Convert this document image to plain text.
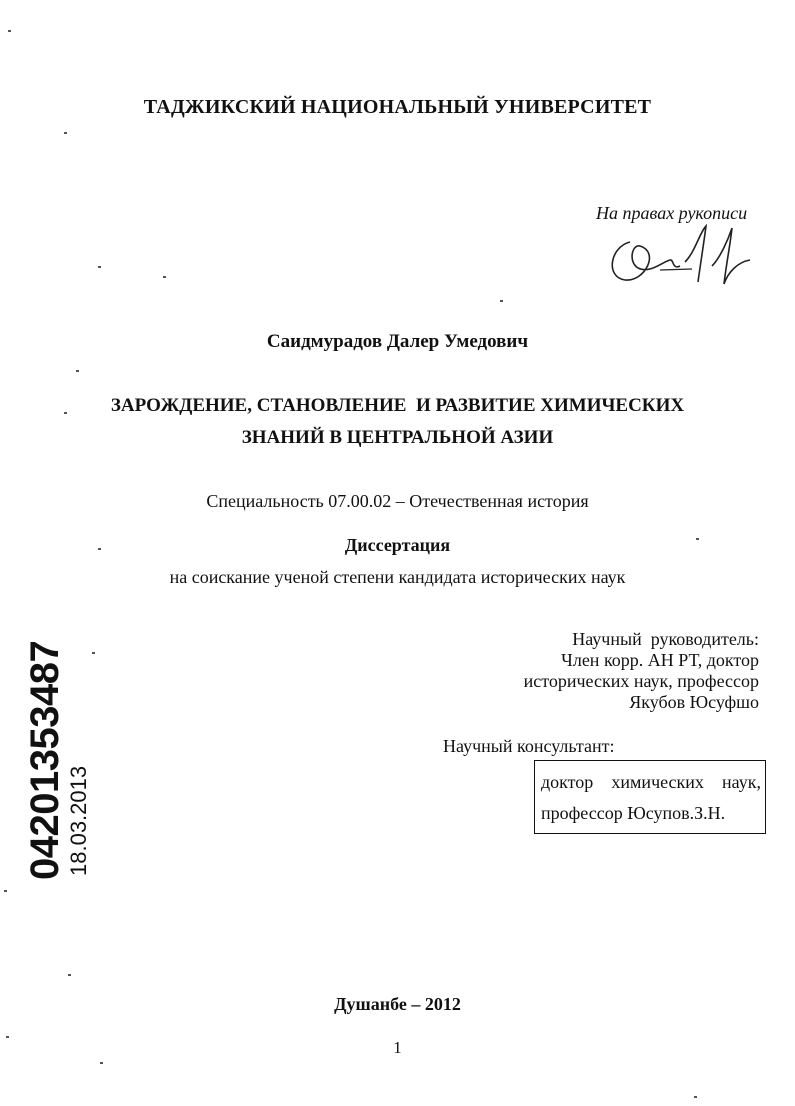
ТАДЖИКСКИЙ НАЦИОНАЛЬНЫЙ УНИВЕРСИТЕТ
На правах рукописи
Саидмурадов Далер Умедович
ЗАРОЖДЕНИЕ, СТАНОВЛЕНИЕ  И РАЗВИТИЕ ХИМИЧЕСКИХ
ЗНАНИЙ В ЦЕНТРАЛЬНОЙ АЗИИ
Специальность 07.00.02 – Отечественная история
Диссертация
на соискание ученой степени кандидата исторических наук
Научный  руководитель:
Член корр. АН РТ, доктор
исторических наук, профессор
Якубов Юсуфшо
Научный консультант:
доктор  химических  наук,
профессор Юсупов.З.Н.
Душанбе – 2012
1
04201353487 18.03.2013
